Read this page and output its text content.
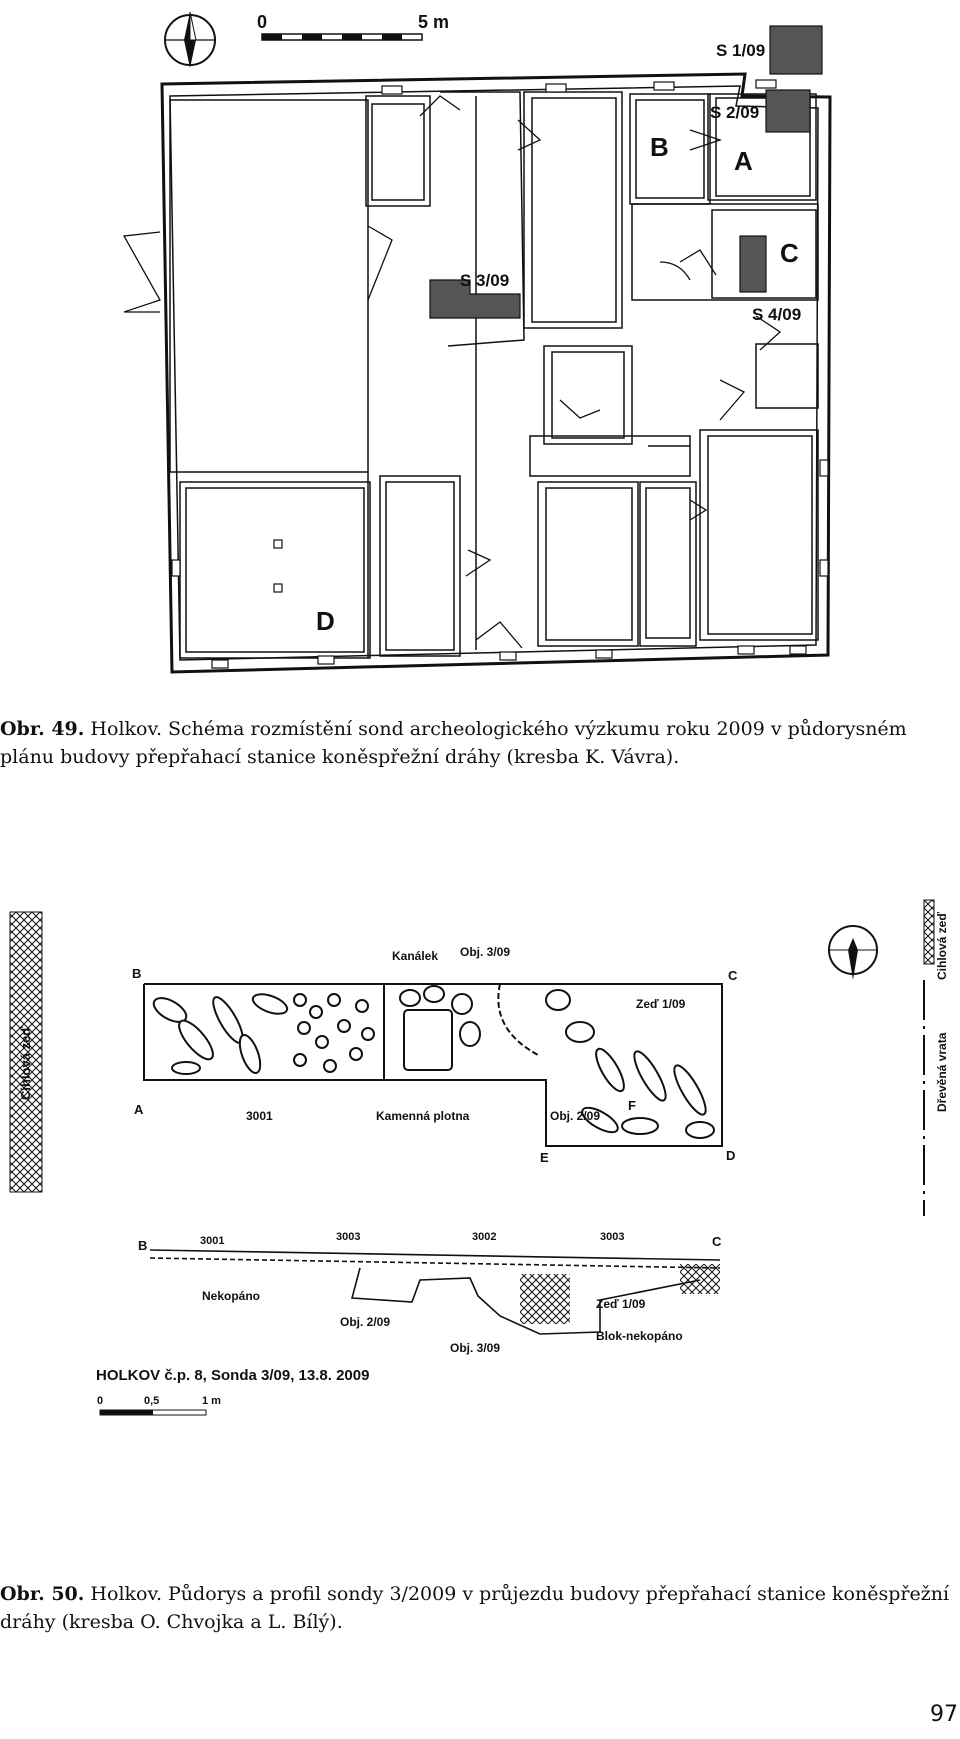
0	5 m
S 1/09
S 2/09
S 3/09
S 4/09
A
B
C
D
Obr. 49. Holkov. Schéma rozmístění sond archeologického výzkumu roku 2009 v půdorysném plánu budovy přepřahací stanice koněspřežní dráhy (kresba K. Vávra).
Cihlová zeď
Cihlová zeď
Dřevěná vrata
B	C
A	F
E	D
Kanálek Obj. 3/09
Zeď 1/09
3001	Kamenná plotna	Obj. 2/09
B	C
3001	3003	3002	3003
Nekopáno
Obj. 2/09
Obj. 3/09
Zeď 1/09
Blok-nekopáno
HOLKOV č.p. 8, Sonda 3/09, 13.8. 2009
0	0,5	1 m
Obr. 50. Holkov. Půdorys a profil sondy 3/2009 v průjezdu budovy přepřahací stanice koněspřežní dráhy (kresba O. Chvojka a L. Bílý).
97
